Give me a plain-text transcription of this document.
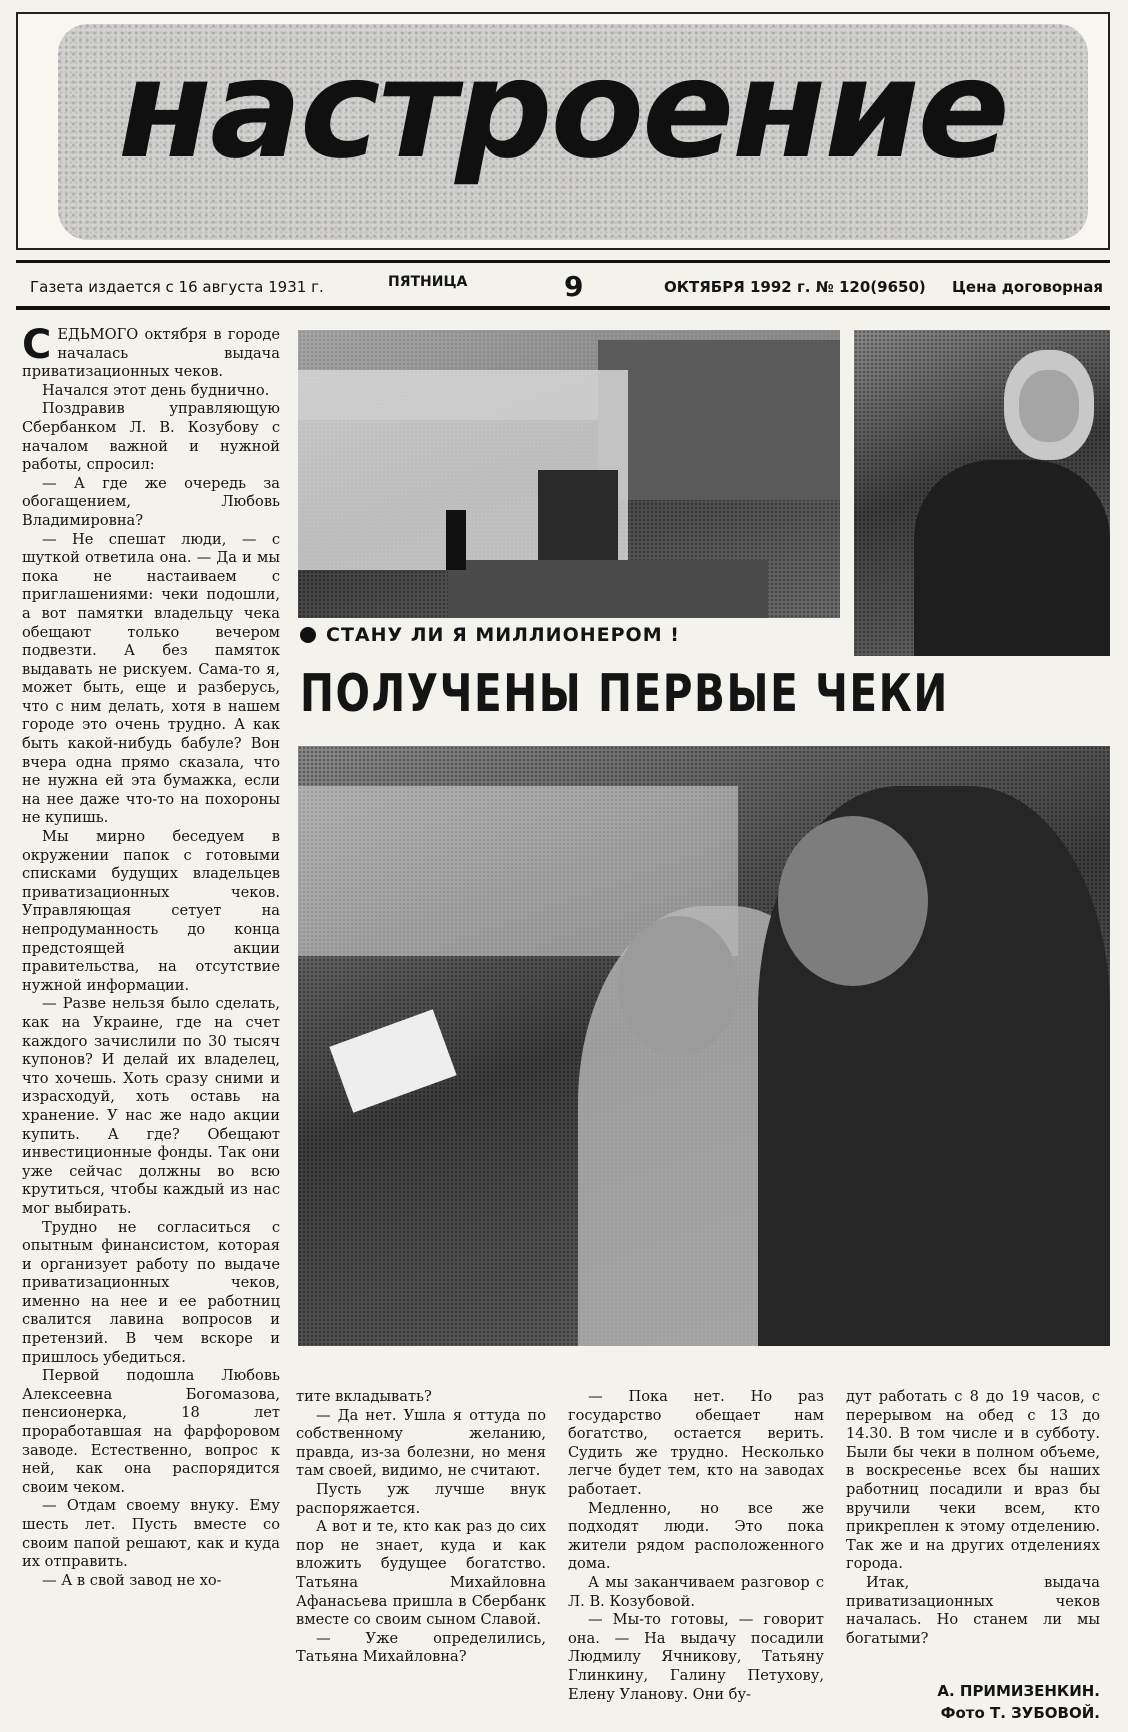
настроение
Газета издается с 16 августа 1931 г.	ПЯТНИЦА	9	ОКТЯБРЯ 1992 г. № 120(9650) Цена договорная
С ЕДЬМОГО октября в городе началась выдача приватизационных чеков.

Начался этот день буднично.

Поздравив управляющую Сбербанком Л. В. Козубову с началом важной и нужной работы, спросил:

— А где же очередь за обогащением, Любовь Владимировна?

— Не спешат люди, — с шуткой ответила она. — Да и мы пока не настаиваем с приглашениями: чеки подошли, а вот памятки владельцу чека обещают только вечером подвезти. А без памяток выдавать не рискуем. Сама-то я, может быть, еще и разберусь, что с ним делать, хотя в нашем городе это очень трудно. А как быть какой-нибудь бабуле? Вон вчера одна прямо сказала, что не нужна ей эта бумажка, если на нее даже что-то на похороны не купишь.

Мы мирно беседуем в окружении папок с готовыми списками будущих владельцев приватизационных чеков. Управляющая сетует на непродуманность до конца предстоящей акции правительства, на отсутствие нужной информации.

— Разве нельзя было сделать, как на Украине, где на счет каждого зачислили по 30 тысяч купонов? И делай их владелец, что хочешь. Хоть сразу сними и израсходуй, хоть оставь на хранение. У нас же надо акции купить. А где? Обещают инвестиционные фонды. Так они уже сейчас должны во всю крутиться, чтобы каждый из нас мог выбирать.

Трудно не согласиться с опытным финансистом, которая и организует работу по выдаче приватизационных чеков, именно на нее и ее работниц свалится лавина вопросов и претензий. В чем вскоре и пришлось убедиться.

Первой подошла Любовь Алексеевна Богомазова, пенсионерка, 18 лет проработавшая на фарфоровом заводе. Естественно, вопрос к ней, как она распорядится своим чеком.

— Отдам своему внуку. Ему шесть лет. Пусть вместе со своим папой решают, как и куда их отправить.

— А в свой завод не хо-

СТАНУ ЛИ Я МИЛЛИОНЕРОМ !
ПОЛУЧЕНЫ ПЕРВЫЕ ЧЕКИ

тите вкладывать?

— Да нет. Ушла я оттуда по собственному желанию, правда, из-за болезни, но меня там своей, видимо, не считают.

Пусть уж лучше внук распоряжается.

А вот и те, кто как раз до сих пор не знает, куда и как вложить будущее богатство. Татьяна Михайловна Афанасьева пришла в Сбербанк вместе со своим сыном Славой.

— Уже определились, Татьяна Михайловна?

— Пока нет. Но раз государство обещает нам богатство, остается верить. Судить же трудно. Несколько легче будет тем, кто на заводах работает.

Медленно, но все же подходят люди. Это пока жители рядом расположенного дома.

А мы заканчиваем разговор с Л. В. Козубовой.

— Мы-то готовы, — говорит она. — На выдачу посадили Людмилу Ячникову, Татьяну Глинкину, Галину Петухову, Елену Уланову. Они бу-

дут работать с 8 до 19 часов, с перерывом на обед с 13 до 14.30. В том числе и в субботу. Были бы чеки в полном объеме, в воскресенье всех бы наших работниц посадили и враз бы вручили чеки всем, кто прикреплен к этому отделению. Так же и на других отделениях города.

Итак, выдача приватизационных чеков началась. Но станем ли мы богатыми?

А. ПРИМИЗЕНКИН.
Фото Т. ЗУБОВОЙ.
